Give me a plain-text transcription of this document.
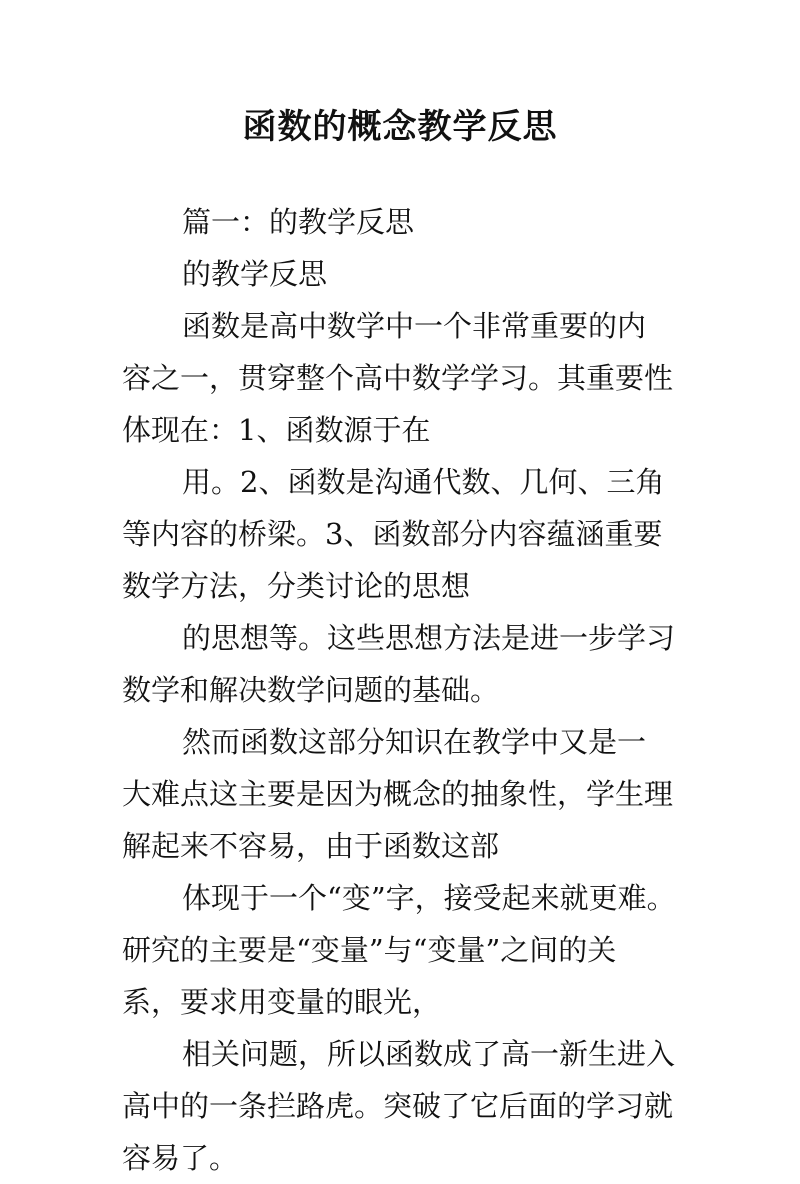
函数的概念教学反思

篇一：的教学反思

的教学反思

函数是高中数学中一个非常重要的内
容之一，贯穿整个高中数学学习。其重要性
体现在：1、函数源于在

用。2、函数是沟通代数、几何、三角
等内容的桥梁。3、函数部分内容蕴涵重要
数学方法，分类讨论的思想

的思想等。这些思想方法是进一步学习
数学和解决数学问题的基础。

然而函数这部分知识在教学中又是一
大难点这主要是因为概念的抽象性，学生理
解起来不容易，由于函数这部

体现于一个“变”字，接受起来就更难。
研究的主要是“变量”与“变量”之间的关
系，要求用变量的眼光，

相关问题，所以函数成了高一新生进入
高中的一条拦路虎。突破了它后面的学习就
容易了。
